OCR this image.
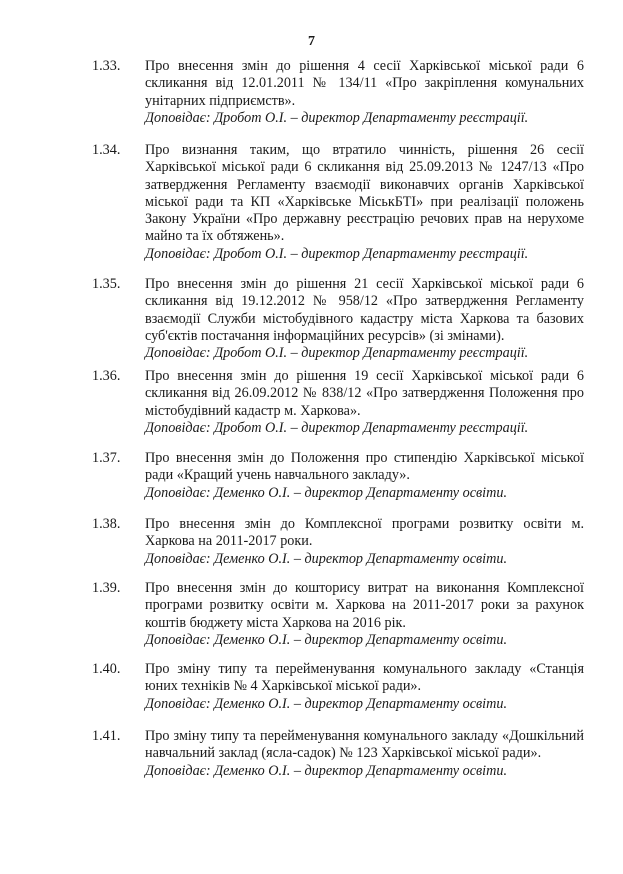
7
1.33. Про внесення змін до рішення 4 сесії Харківської міської ради 6 скликання від 12.01.2011 № 134/11 «Про закріплення комунальних унітарних підприємств».
Доповідає: Дробот О.І. – директор Департаменту реєстрації.
1.34. Про визнання таким, що втратило чинність, рішення 26 сесії Харківської міської ради 6 скликання від 25.09.2013 № 1247/13 «Про затвердження Регламенту взаємодії виконавчих органів Харківської міської ради та КП «Харківське МіськБТІ» при реалізації положень Закону України «Про державну реєстрацію речових прав на нерухоме майно та їх обтяжень».
Доповідає: Дробот О.І. – директор Департаменту реєстрації.
1.35. Про внесення змін до рішення 21 сесії Харківської міської ради 6 скликання від 19.12.2012 № 958/12 «Про затвердження Регламенту взаємодії Служби містобудівного кадастру міста Харкова та базових суб'єктів постачання інформаційних ресурсів» (зі змінами).
Доповідає: Дробот О.І. – директор Департаменту реєстрації.
1.36. Про внесення змін до рішення 19 сесії Харківської міської ради 6 скликання від 26.09.2012 № 838/12 «Про затвердження Положення про містобудівний кадастр м. Харкова».
Доповідає: Дробот О.І. – директор Департаменту реєстрації.
1.37. Про внесення змін до Положення про стипендію Харківської міської ради «Кращий учень навчального закладу».
Доповідає: Деменко О.І. – директор Департаменту освіти.
1.38. Про внесення змін до Комплексної програми розвитку освіти м. Харкова на 2011-2017 роки.
Доповідає: Деменко О.І. – директор Департаменту освіти.
1.39. Про внесення змін до кошторису витрат на виконання Комплексної програми розвитку освіти м. Харкова на 2011-2017 роки за рахунок коштів бюджету міста Харкова на 2016 рік.
Доповідає: Деменко О.І. – директор Департаменту освіти.
1.40. Про зміну типу та перейменування комунального закладу «Станція юних техніків № 4 Харківської міської ради».
Доповідає: Деменко О.І. – директор Департаменту освіти.
1.41. Про зміну типу та перейменування комунального закладу «Дошкільний навчальний заклад (ясла-садок) № 123 Харківської міської ради».
Доповідає: Деменко О.І. – директор Департаменту освіти.
